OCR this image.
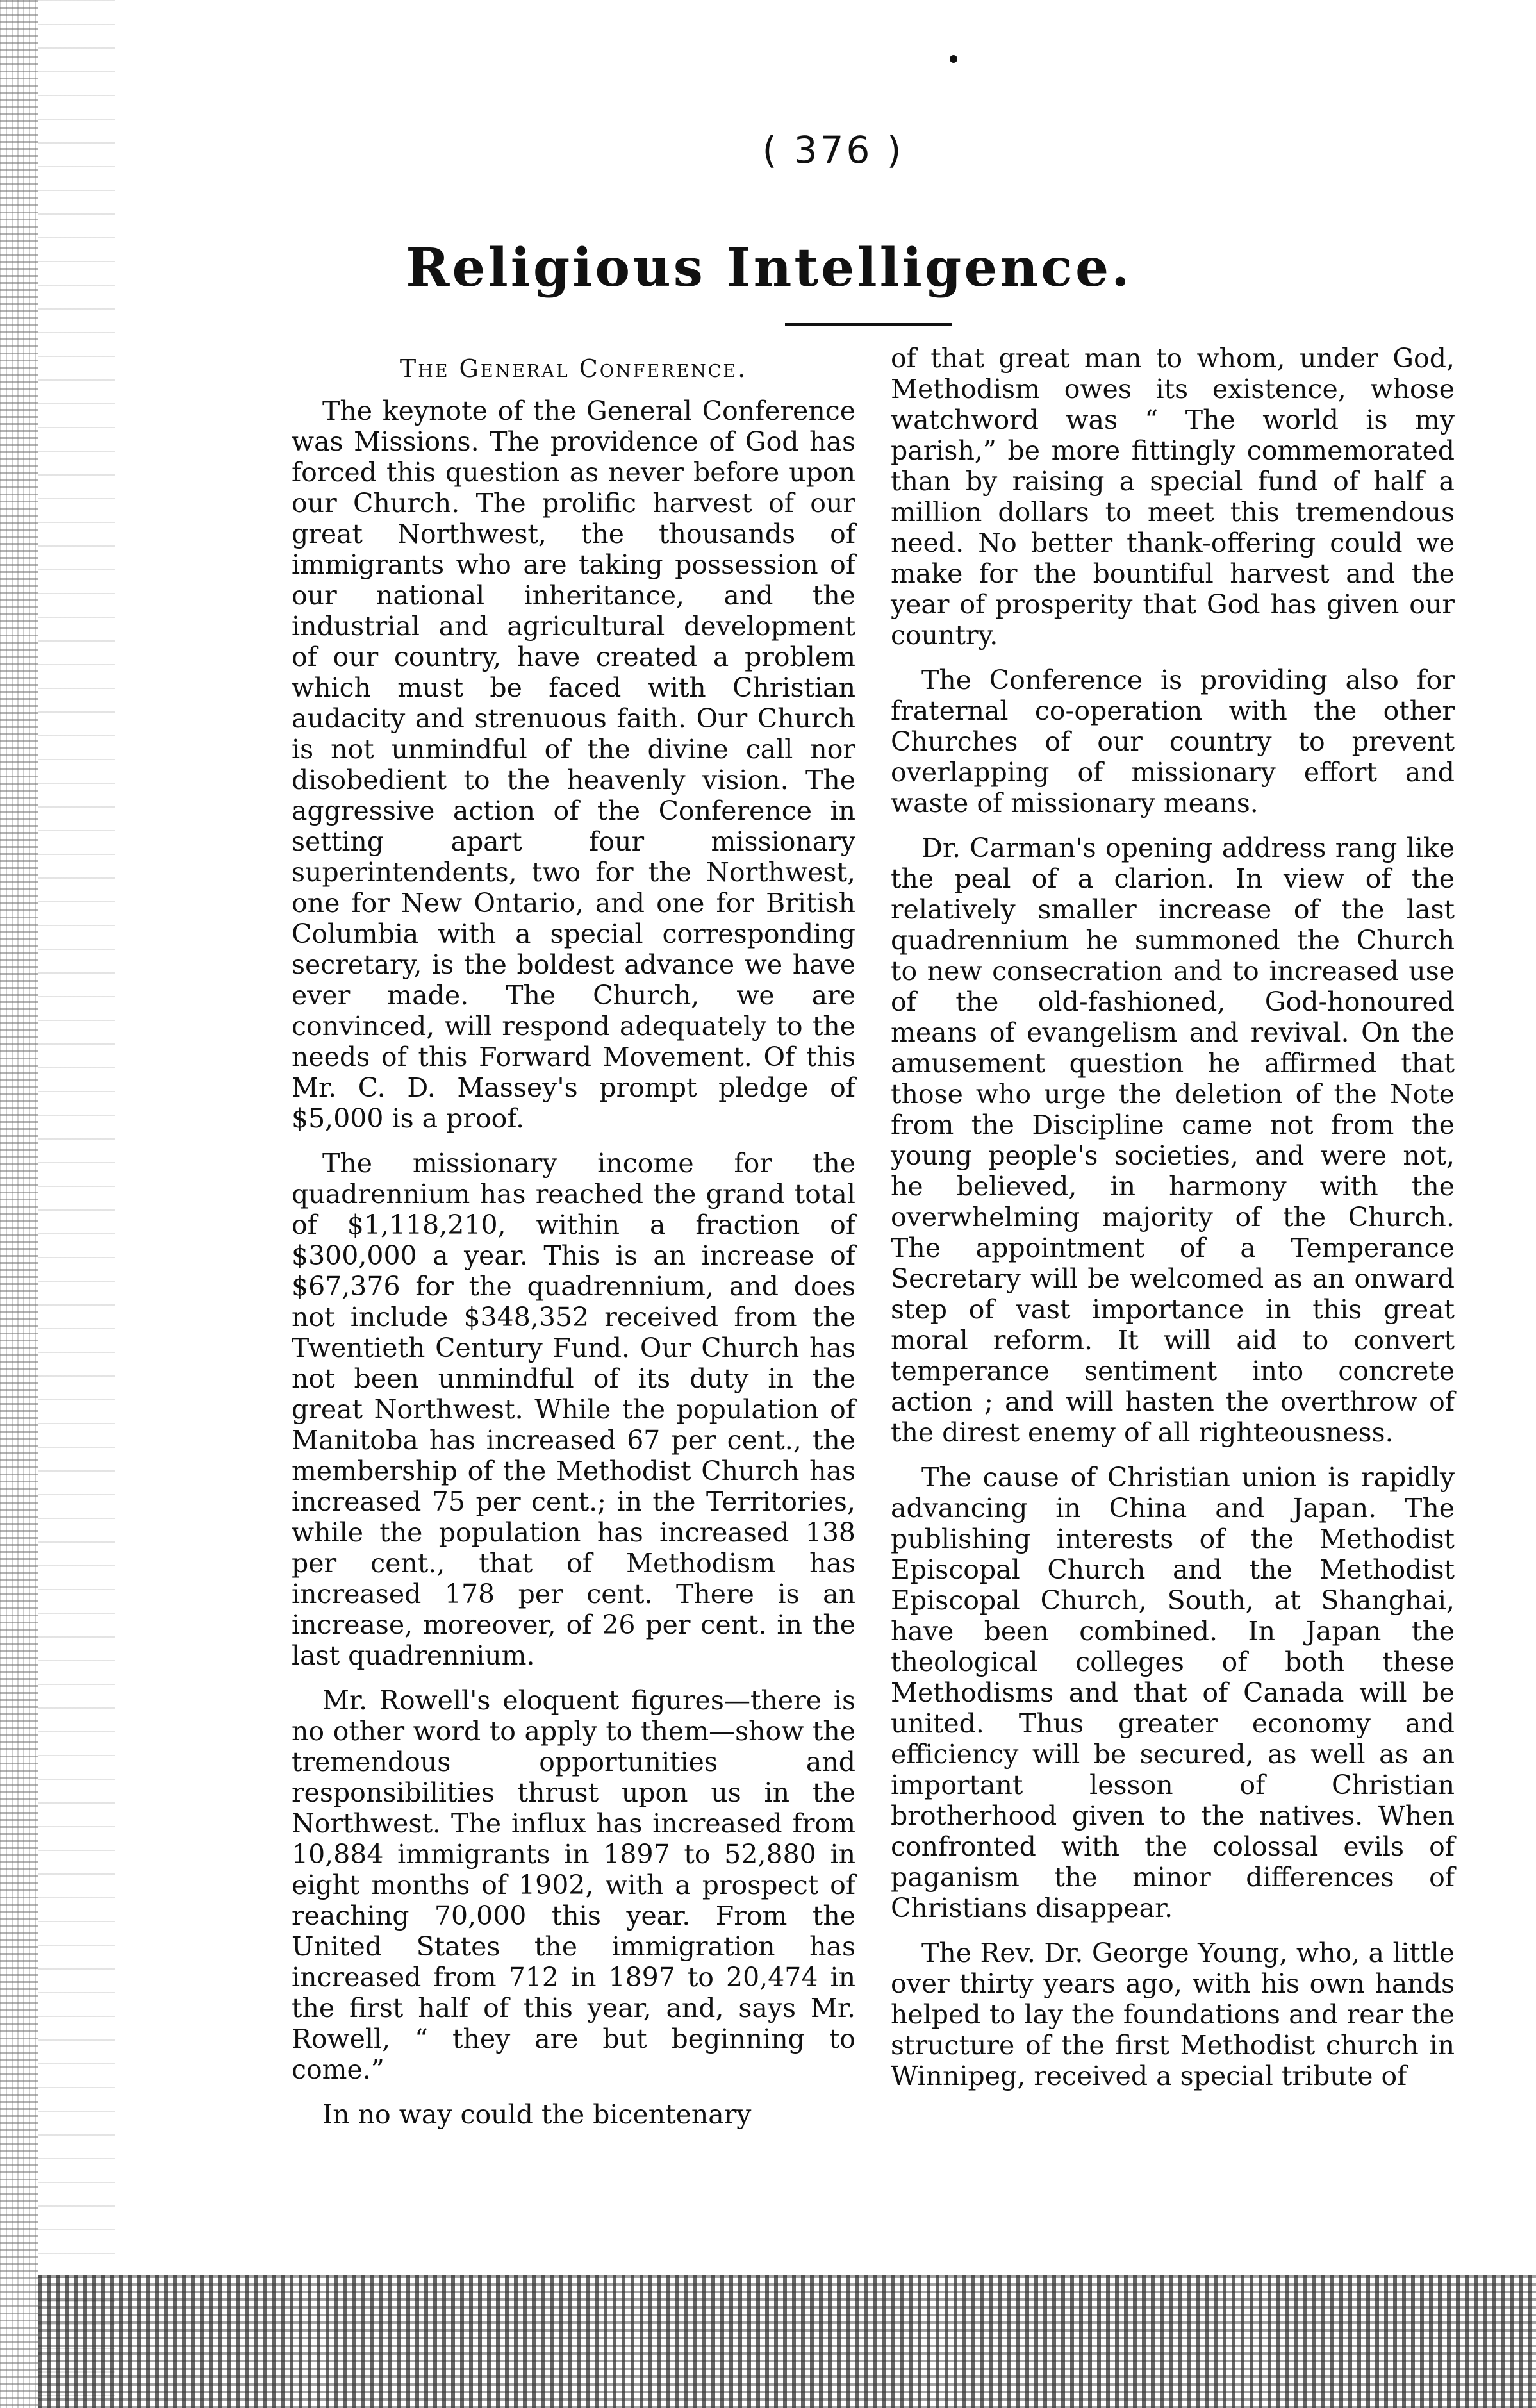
( 376 )
Religious Intelligence.
The General Conference.

The keynote of the General Conference was Missions. The providence of God has forced this question as never before upon our Church. The prolific harvest of our great Northwest, the thousands of immigrants who are taking possession of our national inheritance, and the industrial and agricultural development of our country, have created a problem which must be faced with Christian audacity and strenuous faith. Our Church is not unmindful of the divine call nor disobedient to the heavenly vision. The aggressive action of the Conference in setting apart four missionary superintendents, two for the Northwest, one for New Ontario, and one for British Columbia with a special corresponding secretary, is the boldest advance we have ever made. The Church, we are convinced, will respond adequately to the needs of this Forward Movement. Of this Mr. C. D. Massey's prompt pledge of $5,000 is a proof.

The missionary income for the quadrennium has reached the grand total of $1,118,210, within a fraction of $300,000 a year. This is an increase of $67,376 for the quadrennium, and does not include $348,352 received from the Twentieth Century Fund. Our Church has not been unmindful of its duty in the great Northwest. While the population of Manitoba has increased 67 per cent., the membership of the Methodist Church has increased 75 per cent.; in the Territories, while the population has increased 138 per cent., that of Methodism has increased 178 per cent. There is an increase, moreover, of 26 per cent. in the last quadrennium.

Mr. Rowell's eloquent figures—there is no other word to apply to them—show the tremendous opportunities and responsibilities thrust upon us in the Northwest. The influx has increased from 10,884 immigrants in 1897 to 52,880 in eight months of 1902, with a prospect of reaching 70,000 this year. From the United States the immigration has increased from 712 in 1897 to 20,474 in the first half of this year, and, says Mr. Rowell, “ they are but beginning to come.”

In no way could the bicentenary

of that great man to whom, under God, Methodism owes its existence, whose watchword was “ The world is my parish,” be more fittingly commemorated than by raising a special fund of half a million dollars to meet this tremendous need. No better thank-offering could we make for the bountiful harvest and the year of prosperity that God has given our country.

The Conference is providing also for fraternal co-operation with the other Churches of our country to prevent overlapping of missionary effort and waste of missionary means.

Dr. Carman's opening address rang like the peal of a clarion. In view of the relatively smaller increase of the last quadrennium he summoned the Church to new consecration and to increased use of the old-fashioned, God-honoured means of evangelism and revival. On the amusement question he affirmed that those who urge the deletion of the Note from the Discipline came not from the young people's societies, and were not, he believed, in harmony with the overwhelming majority of the Church. The appointment of a Temperance Secretary will be welcomed as an onward step of vast importance in this great moral reform. It will aid to convert temperance sentiment into concrete action ; and will hasten the overthrow of the direst enemy of all righteousness.

The cause of Christian union is rapidly advancing in China and Japan. The publishing interests of the Methodist Episcopal Church and the Methodist Episcopal Church, South, at Shanghai, have been combined. In Japan the theological colleges of both these Methodisms and that of Canada will be united. Thus greater economy and efficiency will be secured, as well as an important lesson of Christian brotherhood given to the natives. When confronted with the colossal evils of paganism the minor differences of Christians disappear.

The Rev. Dr. George Young, who, a little over thirty years ago, with his own hands helped to lay the foundations and rear the structure of the first Methodist church in Winnipeg, received a special tribute of
